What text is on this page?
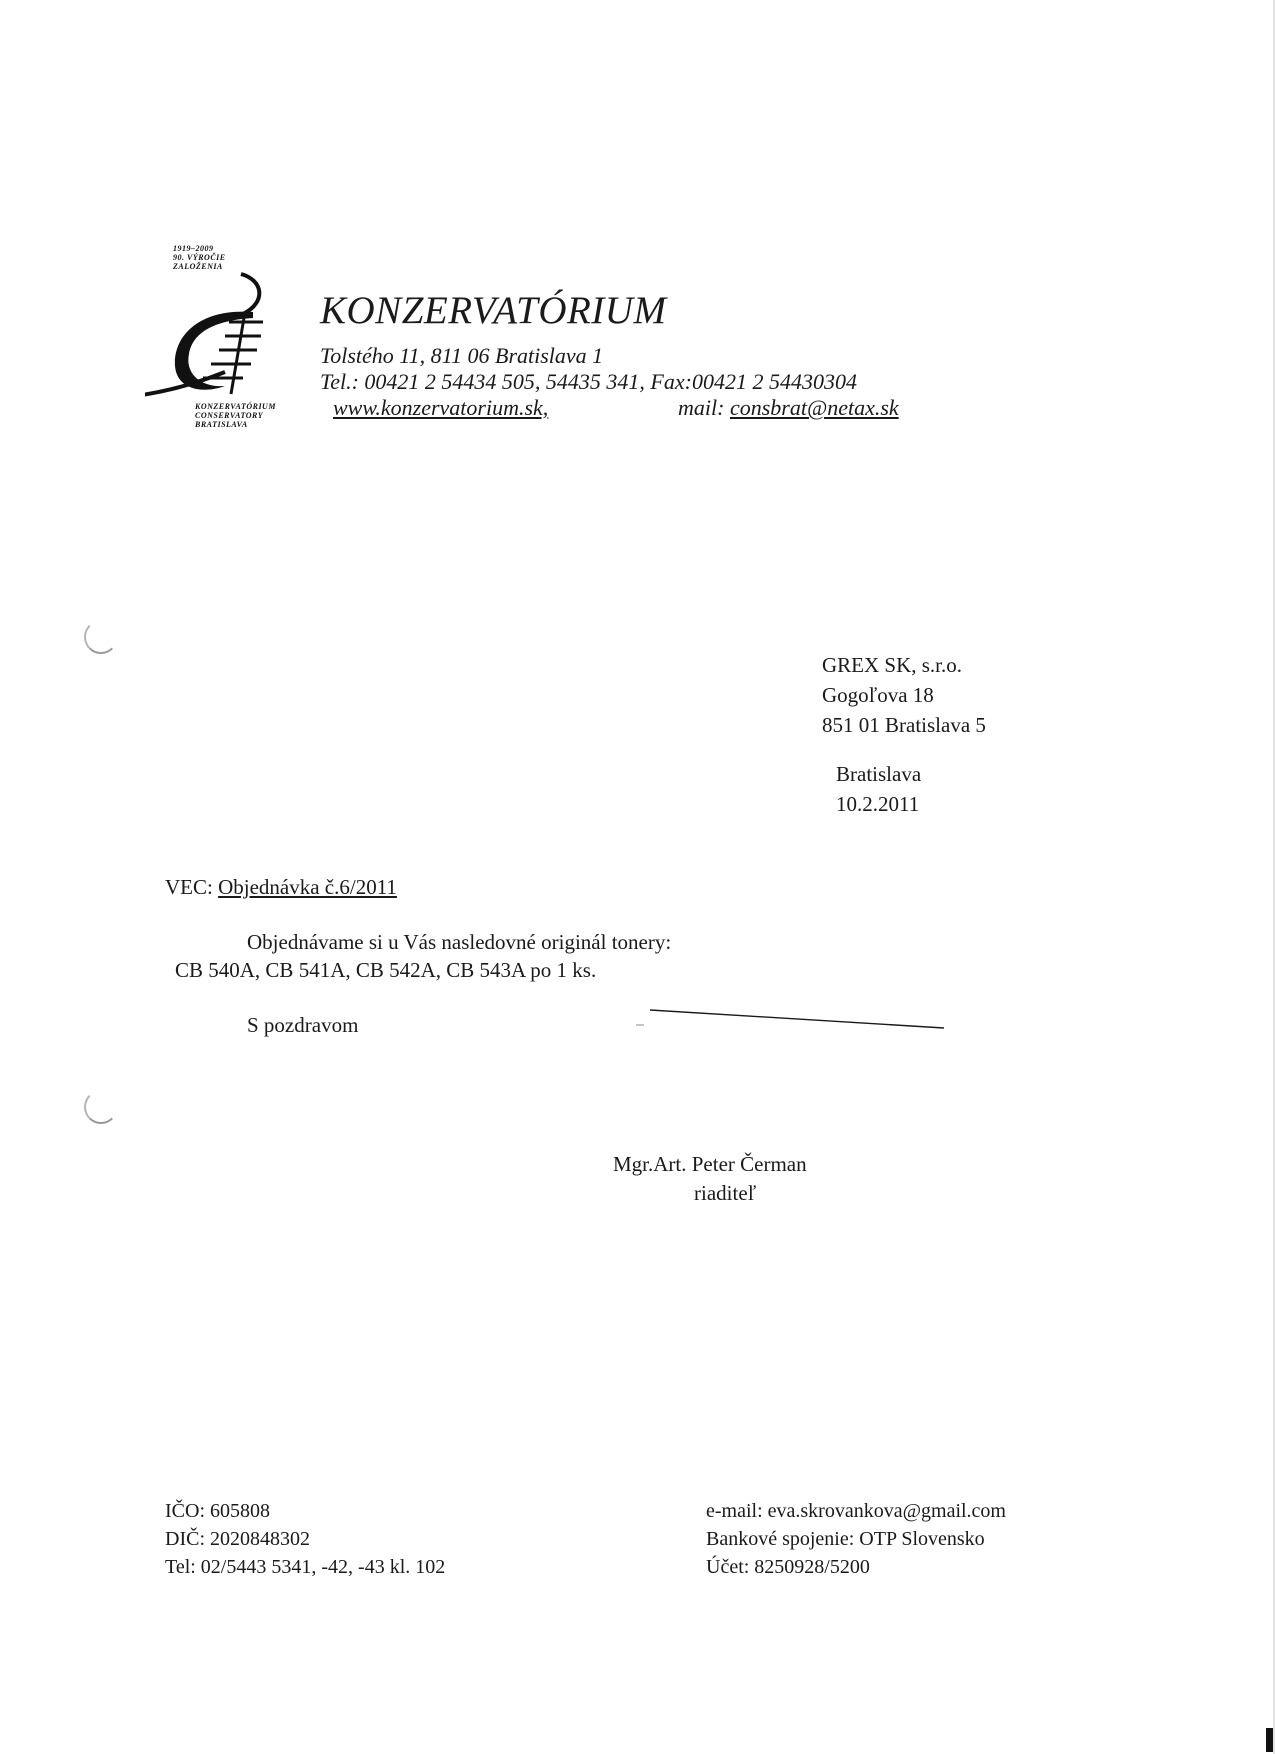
1919–2009
90. VÝROČIE
ZALOŽENIA
KONZERVATÓRIUM
CONSERVATORY
BRATISLAVA
KONZERVATÓRIUM
Tolstého 11, 811 06 Bratislava 1
Tel.: 00421 2 54434 505, 54435 341, Fax:00421 2 54430304
www.konzervatorium.sk,	mail: consbrat@netax.sk
GREX SK, s.r.o.
Gogoľova 18
851 01 Bratislava 5
Bratislava
10.2.2011
VEC: Objednávka č.6/2011
Objednávame si u Vás nasledovné originál tonery:
CB 540A, CB 541A, CB 542A, CB 543A po 1 ks.
S pozdravom
Mgr.Art. Peter Čerman
riaditeľ
IČO: 605808
DIČ: 2020848302
Tel: 02/5443 5341, -42, -43 kl. 102
e-mail: eva.skrovankova@gmail.com
Bankové spojenie: OTP Slovensko
Účet: 8250928/5200
